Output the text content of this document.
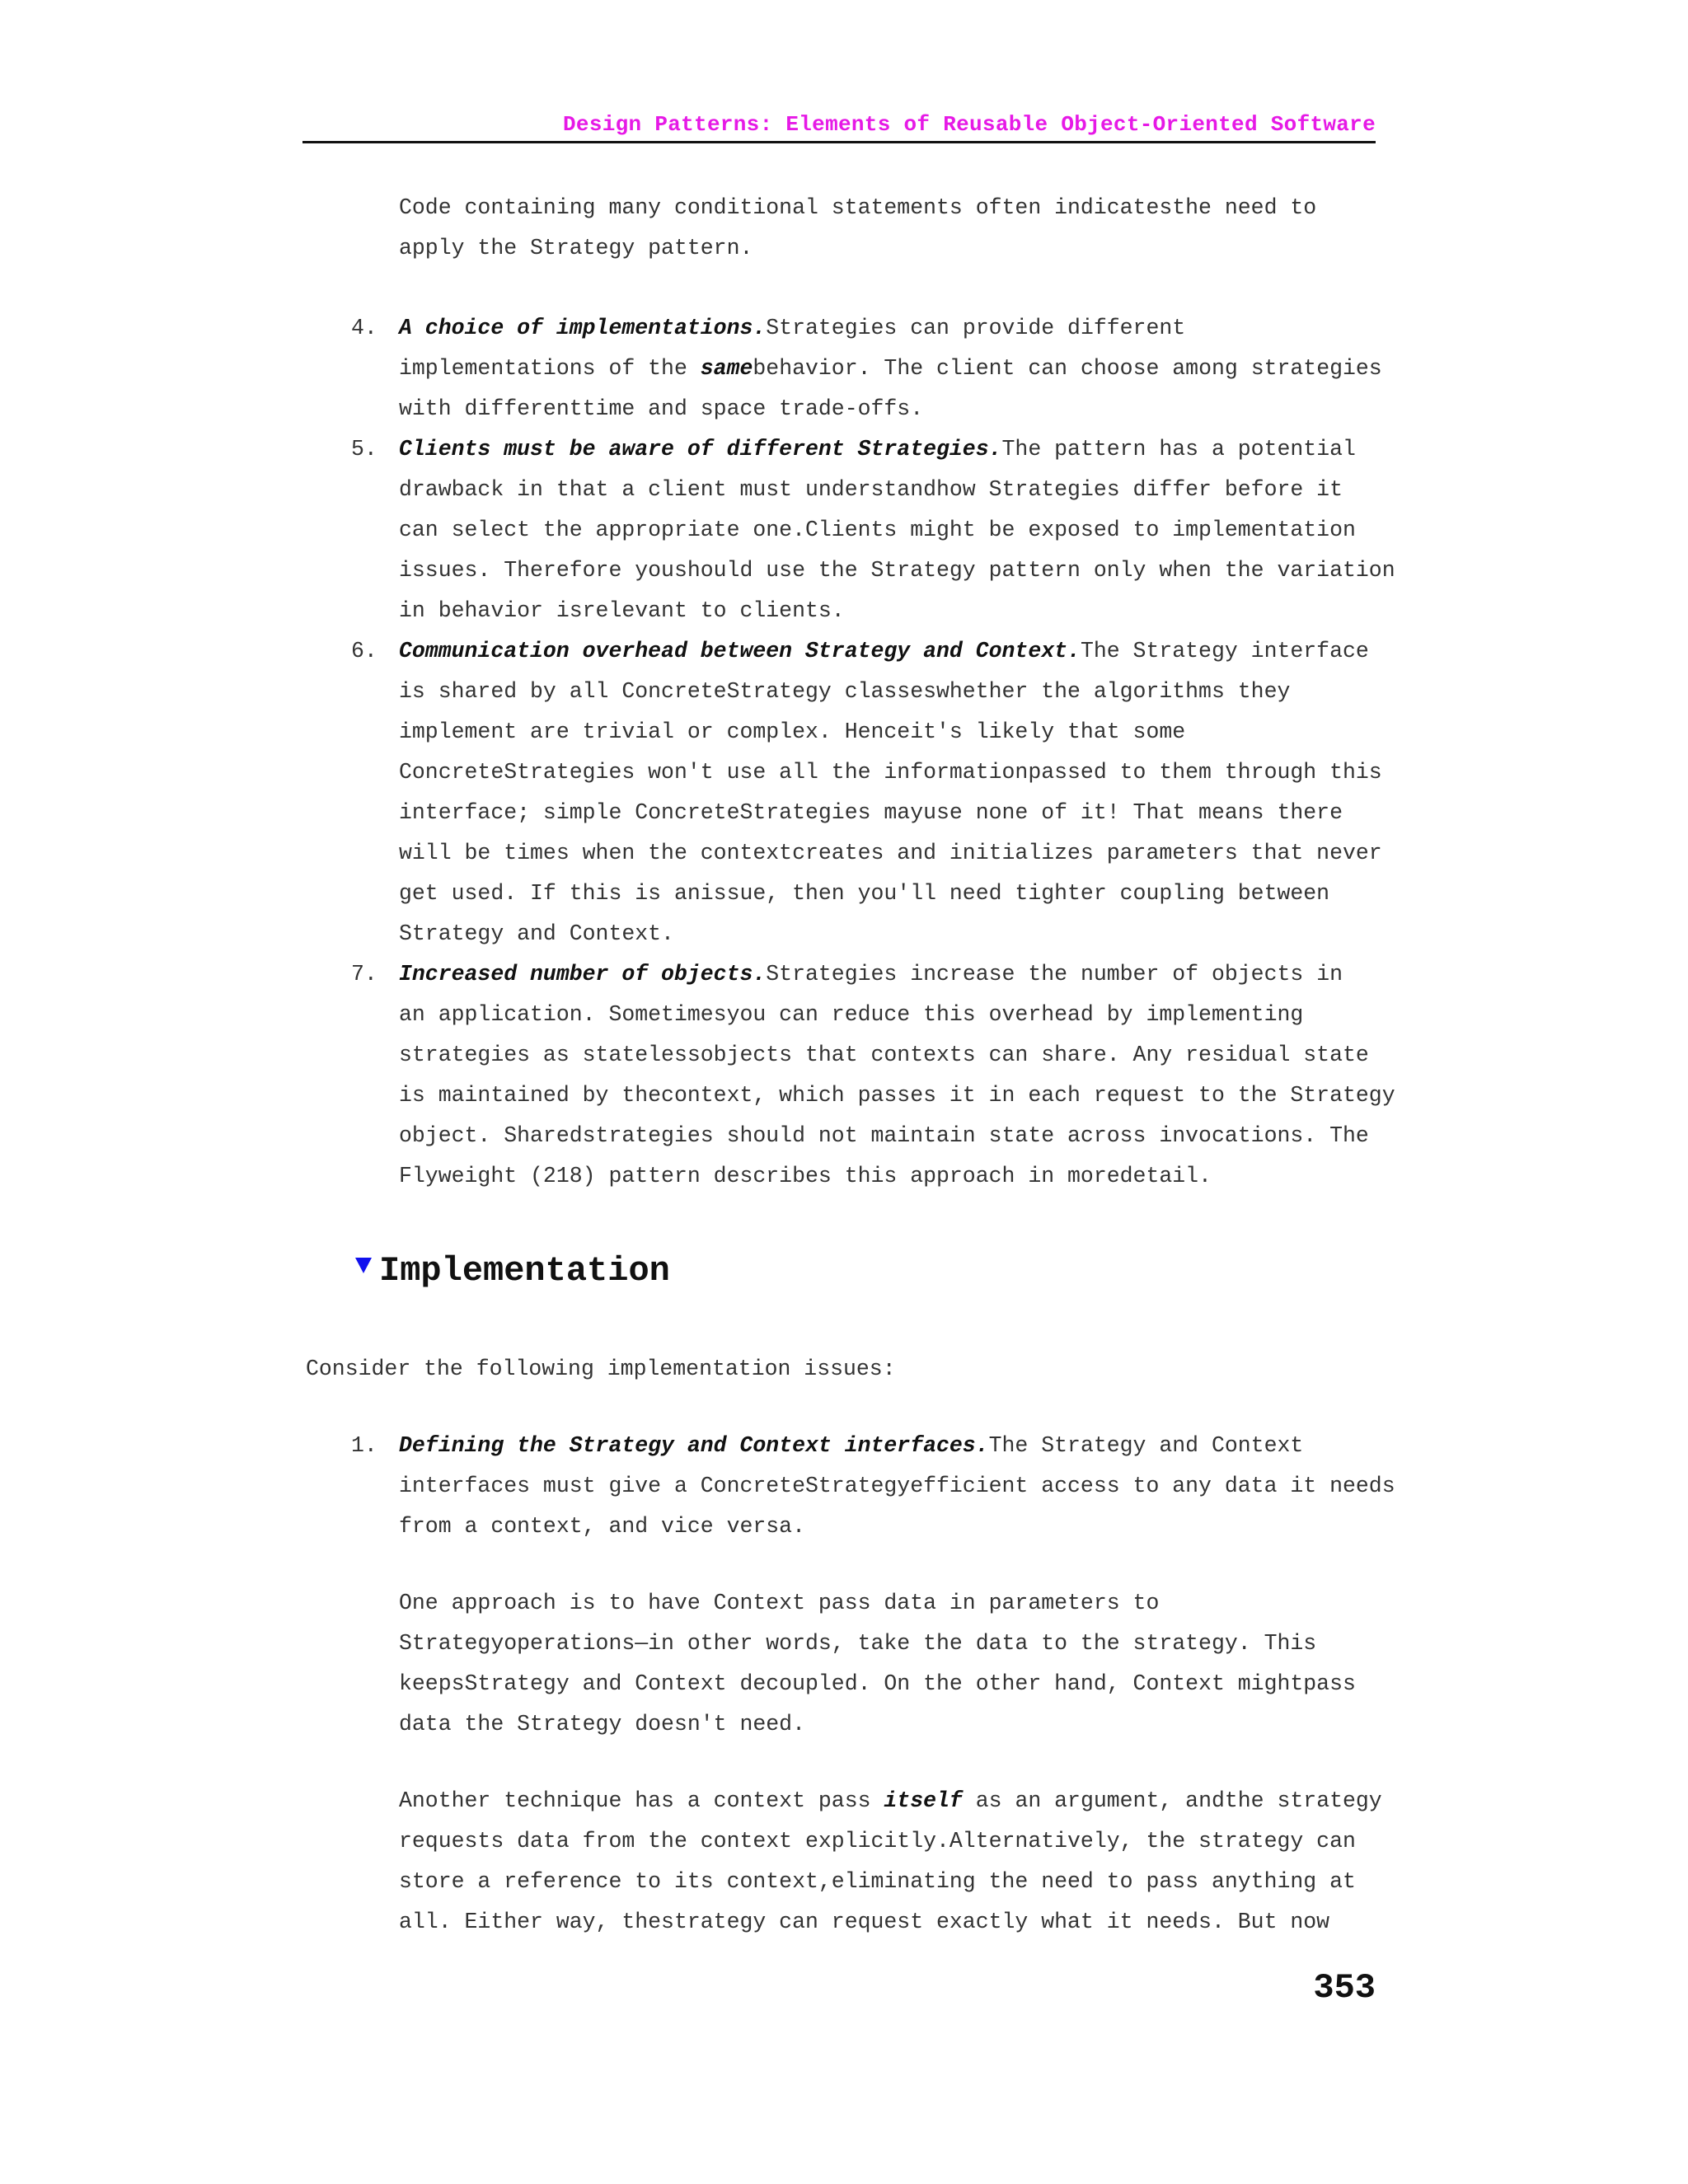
Design Patterns: Elements of Reusable Object-Oriented Software
Code containing many conditional statements often indicatesthe need to
apply the Strategy pattern.
4. A choice of implementations.Strategies can provide different
implementations of the samebehavior. The client can choose among strategies
with differenttime and space trade-offs.
5. Clients must be aware of different Strategies.The pattern has a potential
drawback in that a client must understandhow Strategies differ before it
can select the appropriate one.Clients might be exposed to implementation
issues. Therefore youshould use the Strategy pattern only when the variation
in behavior isrelevant to clients.
6. Communication overhead between Strategy and Context.The Strategy interface
is shared by all ConcreteStrategy classeswhether the algorithms they
implement are trivial or complex. Henceit's likely that some
ConcreteStrategies won't use all the informationpassed to them through this
interface; simple ConcreteStrategies mayuse none of it! That means there
will be times when the contextcreates and initializes parameters that never
get used. If this is anissue, then you'll need tighter coupling between
Strategy and Context.
7. Increased number of objects.Strategies increase the number of objects in
an application. Sometimesyou can reduce this overhead by implementing
strategies as statelessobjects that contexts can share. Any residual state
is maintained by thecontext, which passes it in each request to the Strategy
object. Sharedstrategies should not maintain state across invocations. The
Flyweight (218) pattern describes this approach in moredetail.
Implementation
Consider the following implementation issues:
1. Defining the Strategy and Context interfaces.The Strategy and Context
interfaces must give a ConcreteStrategyefficient access to any data it needs
from a context, and vice versa.
One approach is to have Context pass data in parameters to
Strategyoperations—in other words, take the data to the strategy. This
keepsStrategy and Context decoupled. On the other hand, Context mightpass
data the Strategy doesn't need.
Another technique has a context pass itself as an argument, andthe strategy
requests data from the context explicitly.Alternatively, the strategy can
store a reference to its context,eliminating the need to pass anything at
all. Either way, thestrategy can request exactly what it needs. But now
353
